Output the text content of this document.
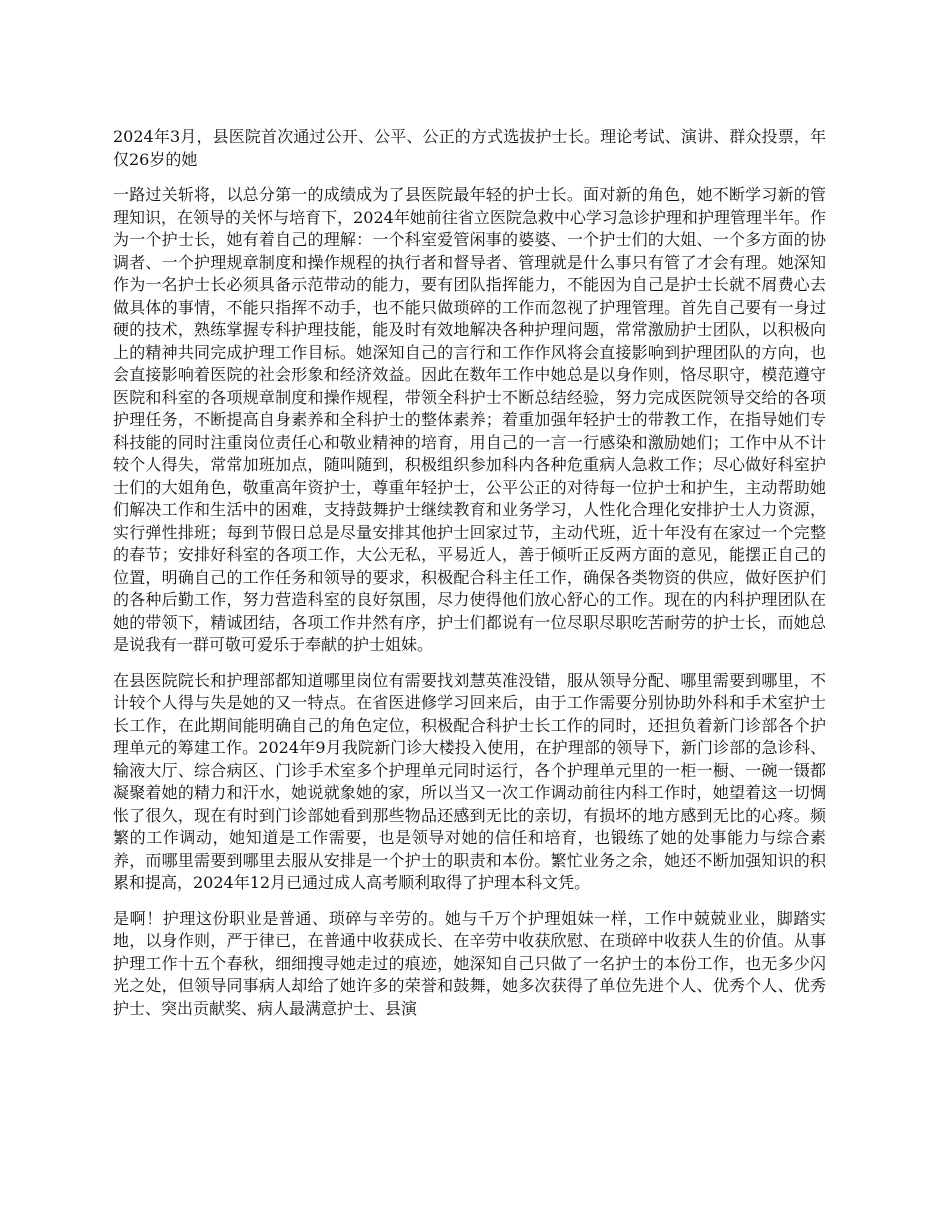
2024年3月，县医院首次通过公开、公平、公正的方式选拔护士长。理论考试、演讲、群众投票，年仅26岁的她

一路过关斩将，以总分第一的成绩成为了县医院最年轻的护士长。面对新的角色，她不断学习新的管理知识，在领导的关怀与培育下，2024年她前往省立医院急救中心学习急诊护理和护理管理半年。作为一个护士长，她有着自己的理解：一个科室爱管闲事的婆婆、一个护士们的大姐、一个多方面的协调者、一个护理规章制度和操作规程的执行者和督导者、管理就是什么事只有管了才会有理。她深知作为一名护士长必须具备示范带动的能力，要有团队指挥能力，不能因为自己是护士长就不屑费心去做具体的事情，不能只指挥不动手，也不能只做琐碎的工作而忽视了护理管理。首先自己要有一身过硬的技术，熟练掌握专科护理技能，能及时有效地解决各种护理问题，常常激励护士团队，以积极向上的精神共同完成护理工作目标。她深知自己的言行和工作作风将会直接影响到护理团队的方向，也会直接影响着医院的社会形象和经济效益。因此在数年工作中她总是以身作则，恪尽职守，模范遵守医院和科室的各项规章制度和操作规程，带领全科护士不断总结经验，努力完成医院领导交给的各项护理任务，不断提高自身素养和全科护士的整体素养；着重加强年轻护士的带教工作，在指导她们专科技能的同时注重岗位责任心和敬业精神的培育，用自己的一言一行感染和激励她们；工作中从不计较个人得失，常常加班加点，随叫随到，积极组织参加科内各种危重病人急救工作；尽心做好科室护士们的大姐角色，敬重高年资护士，尊重年轻护士，公平公正的对待每一位护士和护生，主动帮助她们解决工作和生活中的困难，支持鼓舞护士继续教育和业务学习，人性化合理化安排护士人力资源，实行弹性排班；每到节假日总是尽量安排其他护士回家过节，主动代班，近十年没有在家过一个完整的春节；安排好科室的各项工作，大公无私，平易近人，善于倾听正反两方面的意见，能摆正自己的位置，明确自己的工作任务和领导的要求，积极配合科主任工作，确保各类物资的供应，做好医护们的各种后勤工作，努力营造科室的良好氛围，尽力使得他们放心舒心的工作。现在的内科护理团队在她的带领下，精诚团结，各项工作井然有序，护士们都说有一位尽职尽职吃苦耐劳的护士长，而她总是说我有一群可敬可爱乐于奉献的护士姐妹。

在县医院院长和护理部都知道哪里岗位有需要找刘慧英准没错，服从领导分配、哪里需要到哪里，不计较个人得与失是她的又一特点。在省医进修学习回来后，由于工作需要分别协助外科和手术室护士长工作，在此期间能明确自己的角色定位，积极配合科护士长工作的同时，还担负着新门诊部各个护理单元的筹建工作。2024年9月我院新门诊大楼投入使用，在护理部的领导下，新门诊部的急诊科、输液大厅、综合病区、门诊手术室多个护理单元同时运行，各个护理单元里的一柜一橱、一碗一镊都凝聚着她的精力和汗水，她说就象她的家，所以当又一次工作调动前往内科工作时，她望着这一切惆怅了很久，现在有时到门诊部她看到那些物品还感到无比的亲切，有损坏的地方感到无比的心疼。频繁的工作调动，她知道是工作需要，也是领导对她的信任和培育，也锻练了她的处事能力与综合素养，而哪里需要到哪里去服从安排是一个护士的职责和本份。繁忙业务之余，她还不断加强知识的积累和提高，2024年12月已通过成人高考顺利取得了护理本科文凭。

是啊！护理这份职业是普通、琐碎与辛劳的。她与千万个护理姐妹一样，工作中兢兢业业，脚踏实地，以身作则，严于律已，在普通中收获成长、在辛劳中收获欣慰、在琐碎中收获人生的价值。从事护理工作十五个春秋，细细搜寻她走过的痕迹，她深知自己只做了一名护士的本份工作，也无多少闪光之处，但领导同事病人却给了她许多的荣誉和鼓舞，她多次获得了单位先进个人、优秀个人、优秀护士、突出贡献奖、病人最满意护士、县演
